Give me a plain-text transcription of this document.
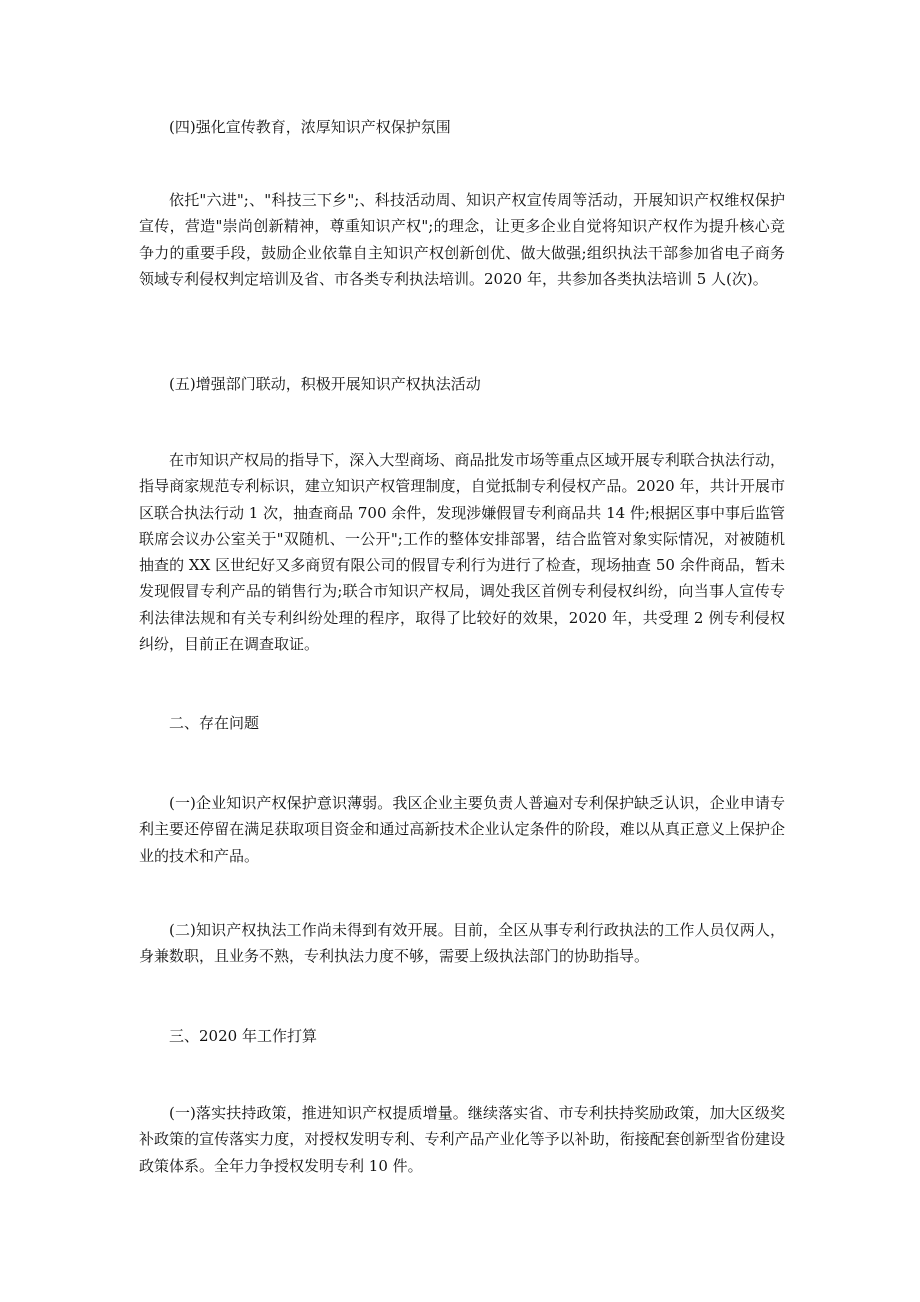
(四)强化宣传教育，浓厚知识产权保护氛围

依托"六进";、"科技三下乡";、科技活动周、知识产权宣传周等活动，开展知识产权维权保护宣传，营造"崇尚创新精神，尊重知识产权";的理念，让更多企业自觉将知识产权作为提升核心竞争力的重要手段，鼓励企业依靠自主知识产权创新创优、做大做强;组织执法干部参加省电子商务领域专利侵权判定培训及省、市各类专利执法培训。2020 年，共参加各类执法培训 5 人(次)。

(五)增强部门联动，积极开展知识产权执法活动

在市知识产权局的指导下，深入大型商场、商品批发市场等重点区域开展专利联合执法行动，指导商家规范专利标识，建立知识产权管理制度，自觉抵制专利侵权产品。2020 年，共计开展市区联合执法行动 1 次，抽查商品 700 余件，发现涉嫌假冒专利商品共 14 件;根据区事中事后监管联席会议办公室关于"双随机、一公开";工作的整体安排部署，结合监管对象实际情况，对被随机抽查的 XX 区世纪好又多商贸有限公司的假冒专利行为进行了检查，现场抽查 50 余件商品，暂未发现假冒专利产品的销售行为;联合市知识产权局，调处我区首例专利侵权纠纷，向当事人宣传专利法律法规和有关专利纠纷处理的程序，取得了比较好的效果，2020 年，共受理 2 例专利侵权纠纷，目前正在调查取证。

二、存在问题

(一)企业知识产权保护意识薄弱。我区企业主要负责人普遍对专利保护缺乏认识，企业申请专利主要还停留在满足获取项目资金和通过高新技术企业认定条件的阶段，难以从真正意义上保护企业的技术和产品。

(二)知识产权执法工作尚未得到有效开展。目前，全区从事专利行政执法的工作人员仅两人，身兼数职，且业务不熟，专利执法力度不够，需要上级执法部门的协助指导。

三、2020 年工作打算

(一)落实扶持政策，推进知识产权提质增量。继续落实省、市专利扶持奖励政策，加大区级奖补政策的宣传落实力度，对授权发明专利、专利产品产业化等予以补助，衔接配套创新型省份建设政策体系。全年力争授权发明专利 10 件。
